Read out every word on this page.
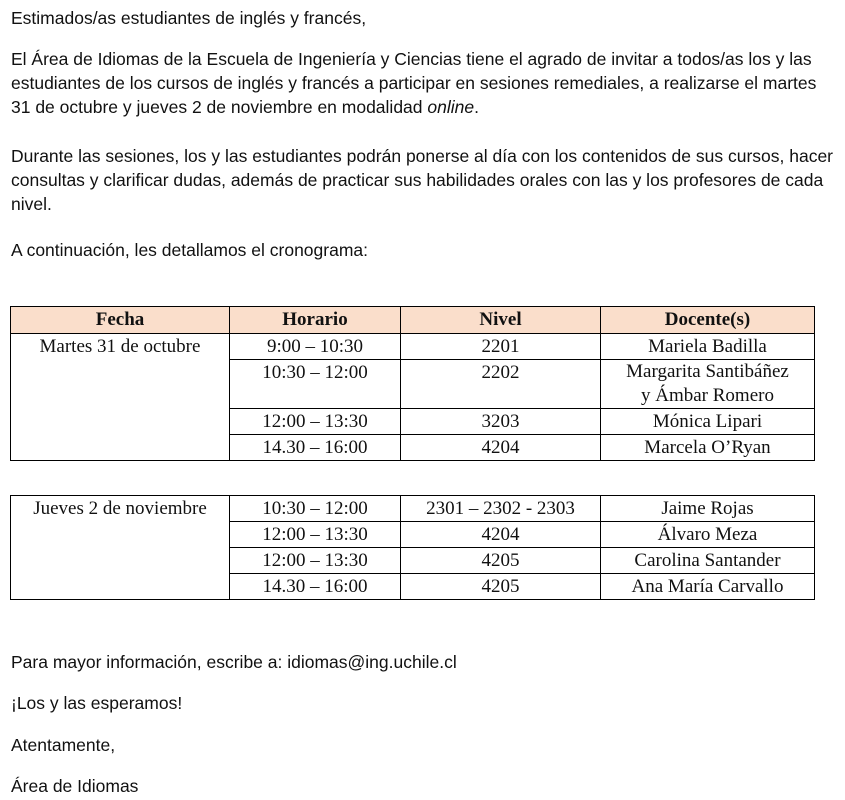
Estimados/as estudiantes de inglés y francés,

El Área de Idiomas de la Escuela de Ingeniería y Ciencias tiene el agrado de invitar a todos/as los y las estudiantes de los cursos de inglés y francés a participar en sesiones remediales, a realizarse el martes 31 de octubre y jueves 2 de noviembre en modalidad online.

Durante las sesiones, los y las estudiantes podrán ponerse al día con los contenidos de sus cursos, hacer consultas y clarificar dudas, además de practicar sus habilidades orales con las y los profesores de cada nivel.

A continuación, les detallamos el cronograma:

Fecha	Horario	Nivel	Docente(s)
Martes 31 de octubre	9:00 – 10:30	2201	Mariela Badilla
	10:30 – 12:00	2202	Margarita Santibáñez
y Ámbar Romero
	12:00 – 13:30	3203	Mónica Lipari
	14.30 – 16:00	4204	Marcela O’Ryan
Jueves 2 de noviembre	10:30 – 12:00	2301 – 2302 - 2303	Jaime Rojas
	12:00 – 13:30	4204	Álvaro Meza
	12:00 – 13:30	4205	Carolina Santander
	14.30 – 16:00	4205	Ana María Carvallo

Para mayor información, escribe a: idiomas@ing.uchile.cl

¡Los y las esperamos!

Atentamente,

Área de Idiomas
